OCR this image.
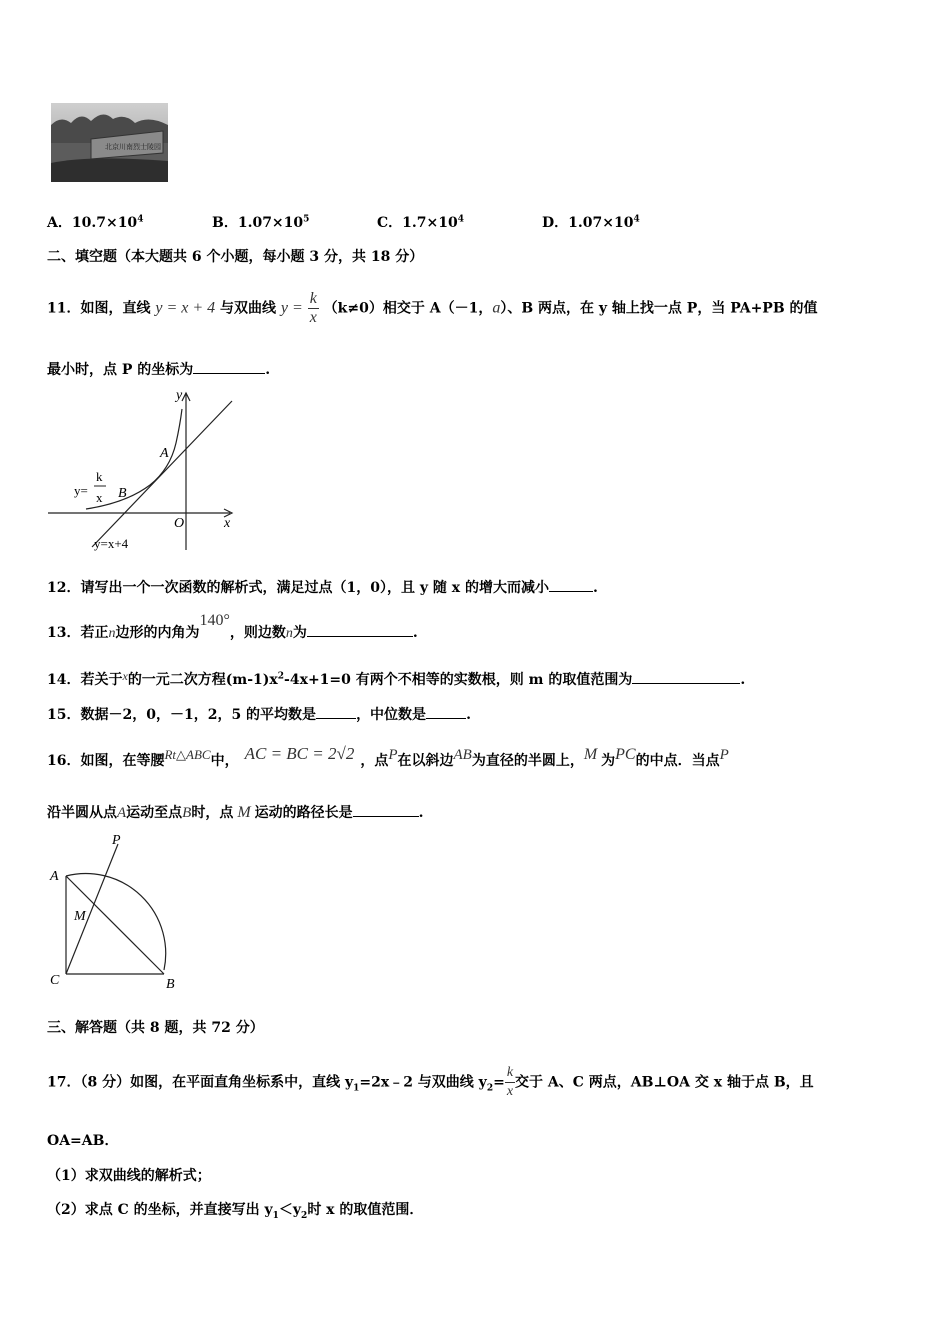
北京川南烈士陵园
A．$10.7\times 10^4$	B．$1.07\times 10^5$	C．$1.7\times 10^4$	D．$1.07\times 10^4$
二、填空题（本大题共 6 个小题，每小题 3 分，共 18 分）
11．如图，直线 y = x + 4 与双曲线 $y = \frac{k}{x} (k\ne 0)$相交于 A（－1，a）、B 两点，在 y 轴上找一点 P，当 PA+PB 的值
最小时，点 P 的坐标为	.
y
x
O
A
B
y=
k
x
y=x+4
12．请写出一个一次函数的解析式，满足过点（1，0），且 y 随 x 的增大而减小	.
13．若正n边形的内角为140°，则边数n为	.
14．若关于x的一元二次方程$(m-1)x^2-4x+1=0$ 有两个不相等的实数根，则 m 的取值范围为	.
15．数据－2，0，－1，2，5 的平均数是	，中位数是	.
16．如图，在等腰Rt△ABC中， AC = BC = 2√2 ，点P在以斜边AB为直径的半圆上，M 为PC的中点．当点P
沿半圆从点A运动至点B时，点 M 运动的路径长是	.
P
A
M
C	B
三、解答题（共 8 题，共 72 分）
17．（8 分）如图，在平面直角坐标系中，直线 $y_1=2x﹣2$ 与双曲线 $y_2= \frac{k}{x}$ 交于 A、C 两点，AB⊥OA 交 x 轴于点 B，且
OA=AB．
（1）求双曲线的解析式；
（2）求点 C 的坐标，并直接写出 $y_1<y_2$时 x 的取值范围．
